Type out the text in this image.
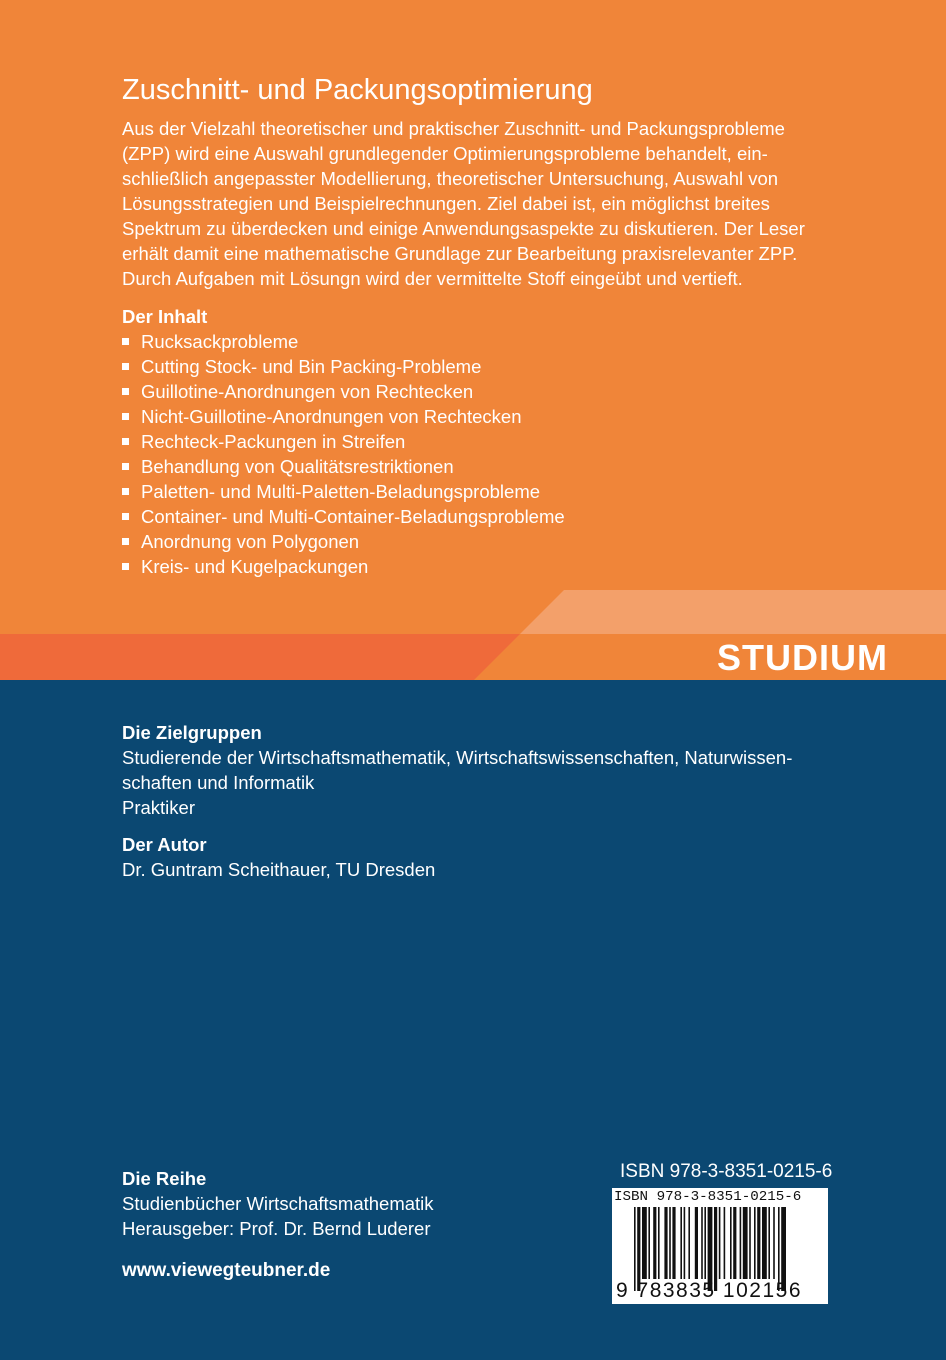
Zuschnitt- und Packungsoptimierung
Aus der Vielzahl theoretischer und praktischer Zuschnitt- und Packungsprobleme
(ZPP) wird eine Auswahl grundlegender Optimierungsprobleme behandelt, ein-
schließlich angepasster Modellierung, theoretischer Untersuchung, Auswahl von
Lösungsstrategien und Beispielrechnungen. Ziel dabei ist, ein möglichst breites
Spektrum zu überdecken und einige Anwendungsaspekte zu diskutieren. Der Leser
erhält damit eine mathematische Grundlage zur Bearbeitung praxisrelevanter ZPP.
Durch Aufgaben mit Lösungn wird der vermittelte Stoff eingeübt und vertieft.
Der Inhalt
Rucksackprobleme
Cutting Stock- und Bin Packing-Probleme
Guillotine-Anordnungen von Rechtecken
Nicht-Guillotine-Anordnungen von Rechtecken
Rechteck-Packungen in Streifen
Behandlung von Qualitätsrestriktionen
Paletten- und Multi-Paletten-Beladungsprobleme
Container- und Multi-Container-Beladungsprobleme
Anordnung von Polygonen
Kreis- und Kugelpackungen
STUDIUM
Die Zielgruppen
Studierende der Wirtschaftsmathematik, Wirtschaftswissenschaften, Naturwissen-
schaften und Informatik
Praktiker
Der Autor
Dr. Guntram Scheithauer, TU Dresden
Die Reihe
Studienbücher Wirtschaftsmathematik
Herausgeber: Prof. Dr. Bernd Luderer
www.viewegteubner.de
ISBN 978-3-8351-0215-6
ISBN 978-3-8351-0215-6
9 783835 102156
